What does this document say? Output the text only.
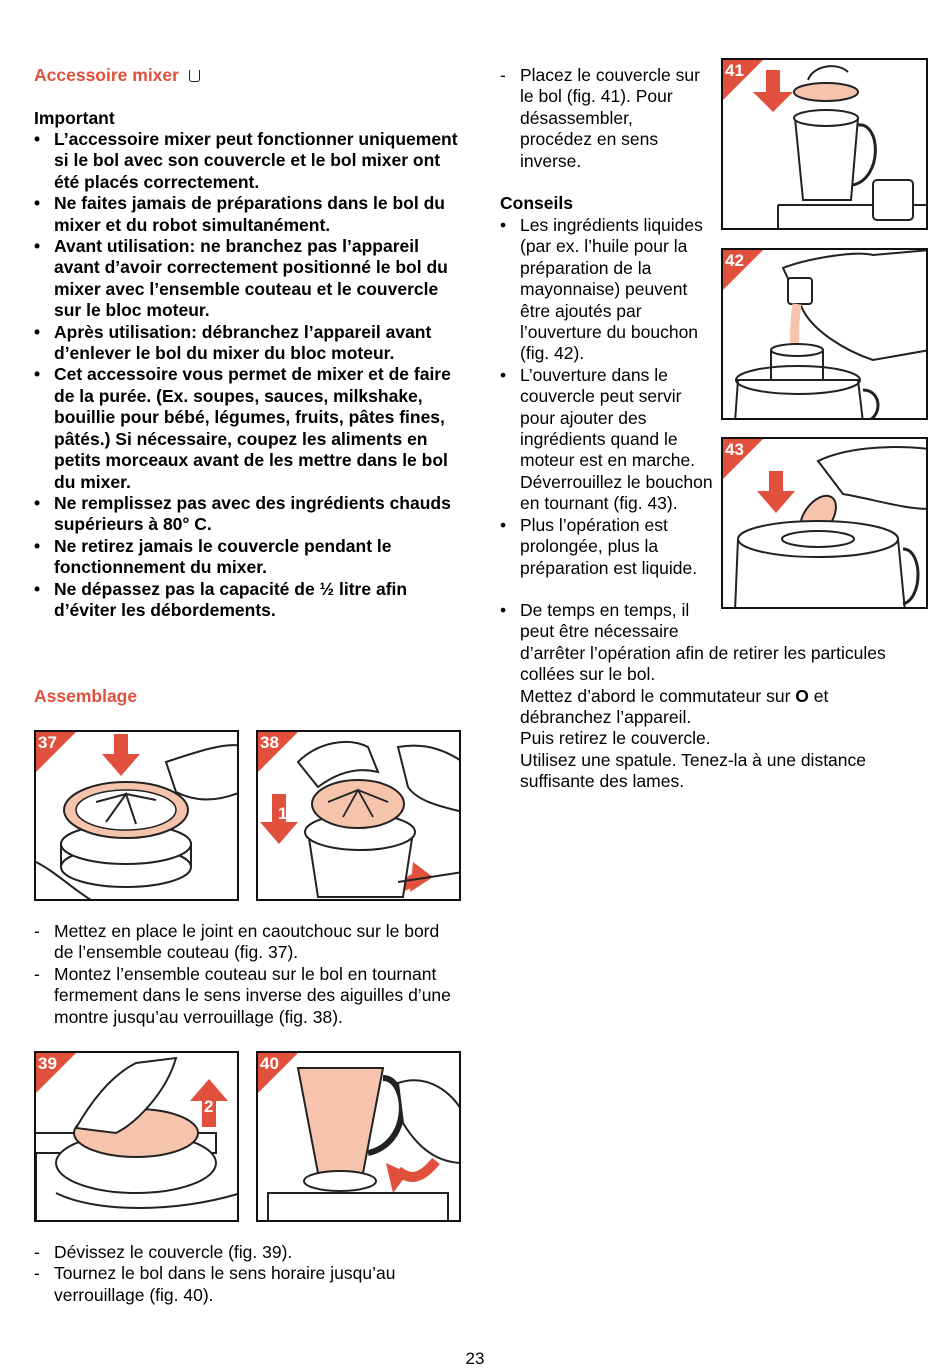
Accessoire mixer
Important
• L’accessoire mixer peut fonctionner uniquement si le bol avec son couvercle et le bol mixer ont été placés correctement.
• Ne faites jamais de préparations dans le bol du mixer et du robot simultanément.
• Avant utilisation: ne branchez pas l’appareil avant d’avoir correctement positionné le bol du mixer avec l’ensemble couteau et le couvercle sur le bloc moteur.
• Après utilisation: débranchez l’appareil avant d’enlever le bol du mixer du bloc moteur.
• Cet accessoire vous permet de mixer et de faire de la purée. (Ex. soupes, sauces, milkshake, bouillie pour bébé, légumes, fruits, pâtes fines, pâtés.) Si nécessaire, coupez les aliments en petits morceaux avant de les mettre dans le bol du mixer.
• Ne remplissez pas avec des ingrédients chauds supérieurs à 80° C.
• Ne retirez jamais le couvercle pendant le fonctionnement du mixer.
• Ne dépassez pas la capacité de ½ litre afin d’éviter les débordements.
Assemblage
37	38
1
2
- Mettez en place le joint en caoutchouc sur le bord de l’ensemble couteau (fig. 37).
- Montez l’ensemble couteau sur le bol en tournant fermement dans le sens inverse des aiguilles d’une montre jusqu’au verrouillage (fig. 38).
39
2
1
40
- Dévissez le couvercle (fig. 39).
- Tournez le bol dans le sens horaire jusqu’au verrouillage (fig. 40).
- Placez le couvercle sur le bol (fig. 41). Pour désassembler, procédez en sens inverse.
Conseils
• Les ingrédients liquides (par ex. l’huile pour la préparation de la mayonnaise) peuvent être ajoutés par l’ouverture du bouchon (fig. 42).
• L’ouverture dans le couvercle peut servir pour ajouter des ingrédients quand le moteur est en marche. Déverrouillez le bouchon en tournant (fig. 43).
• Plus l’opération est prolongée, plus la préparation est liquide.
• De temps en temps, il
peut être nécessaire
d’arrêter l’opération afin de retirer les particules
collées sur le bol.
Mettez d’abord le commutateur sur O et
débranchez l’appareil.
Puis retirez le couvercle.
Utilisez une spatule. Tenez-la à une distance
suffisante des lames.
41
42
43
23
